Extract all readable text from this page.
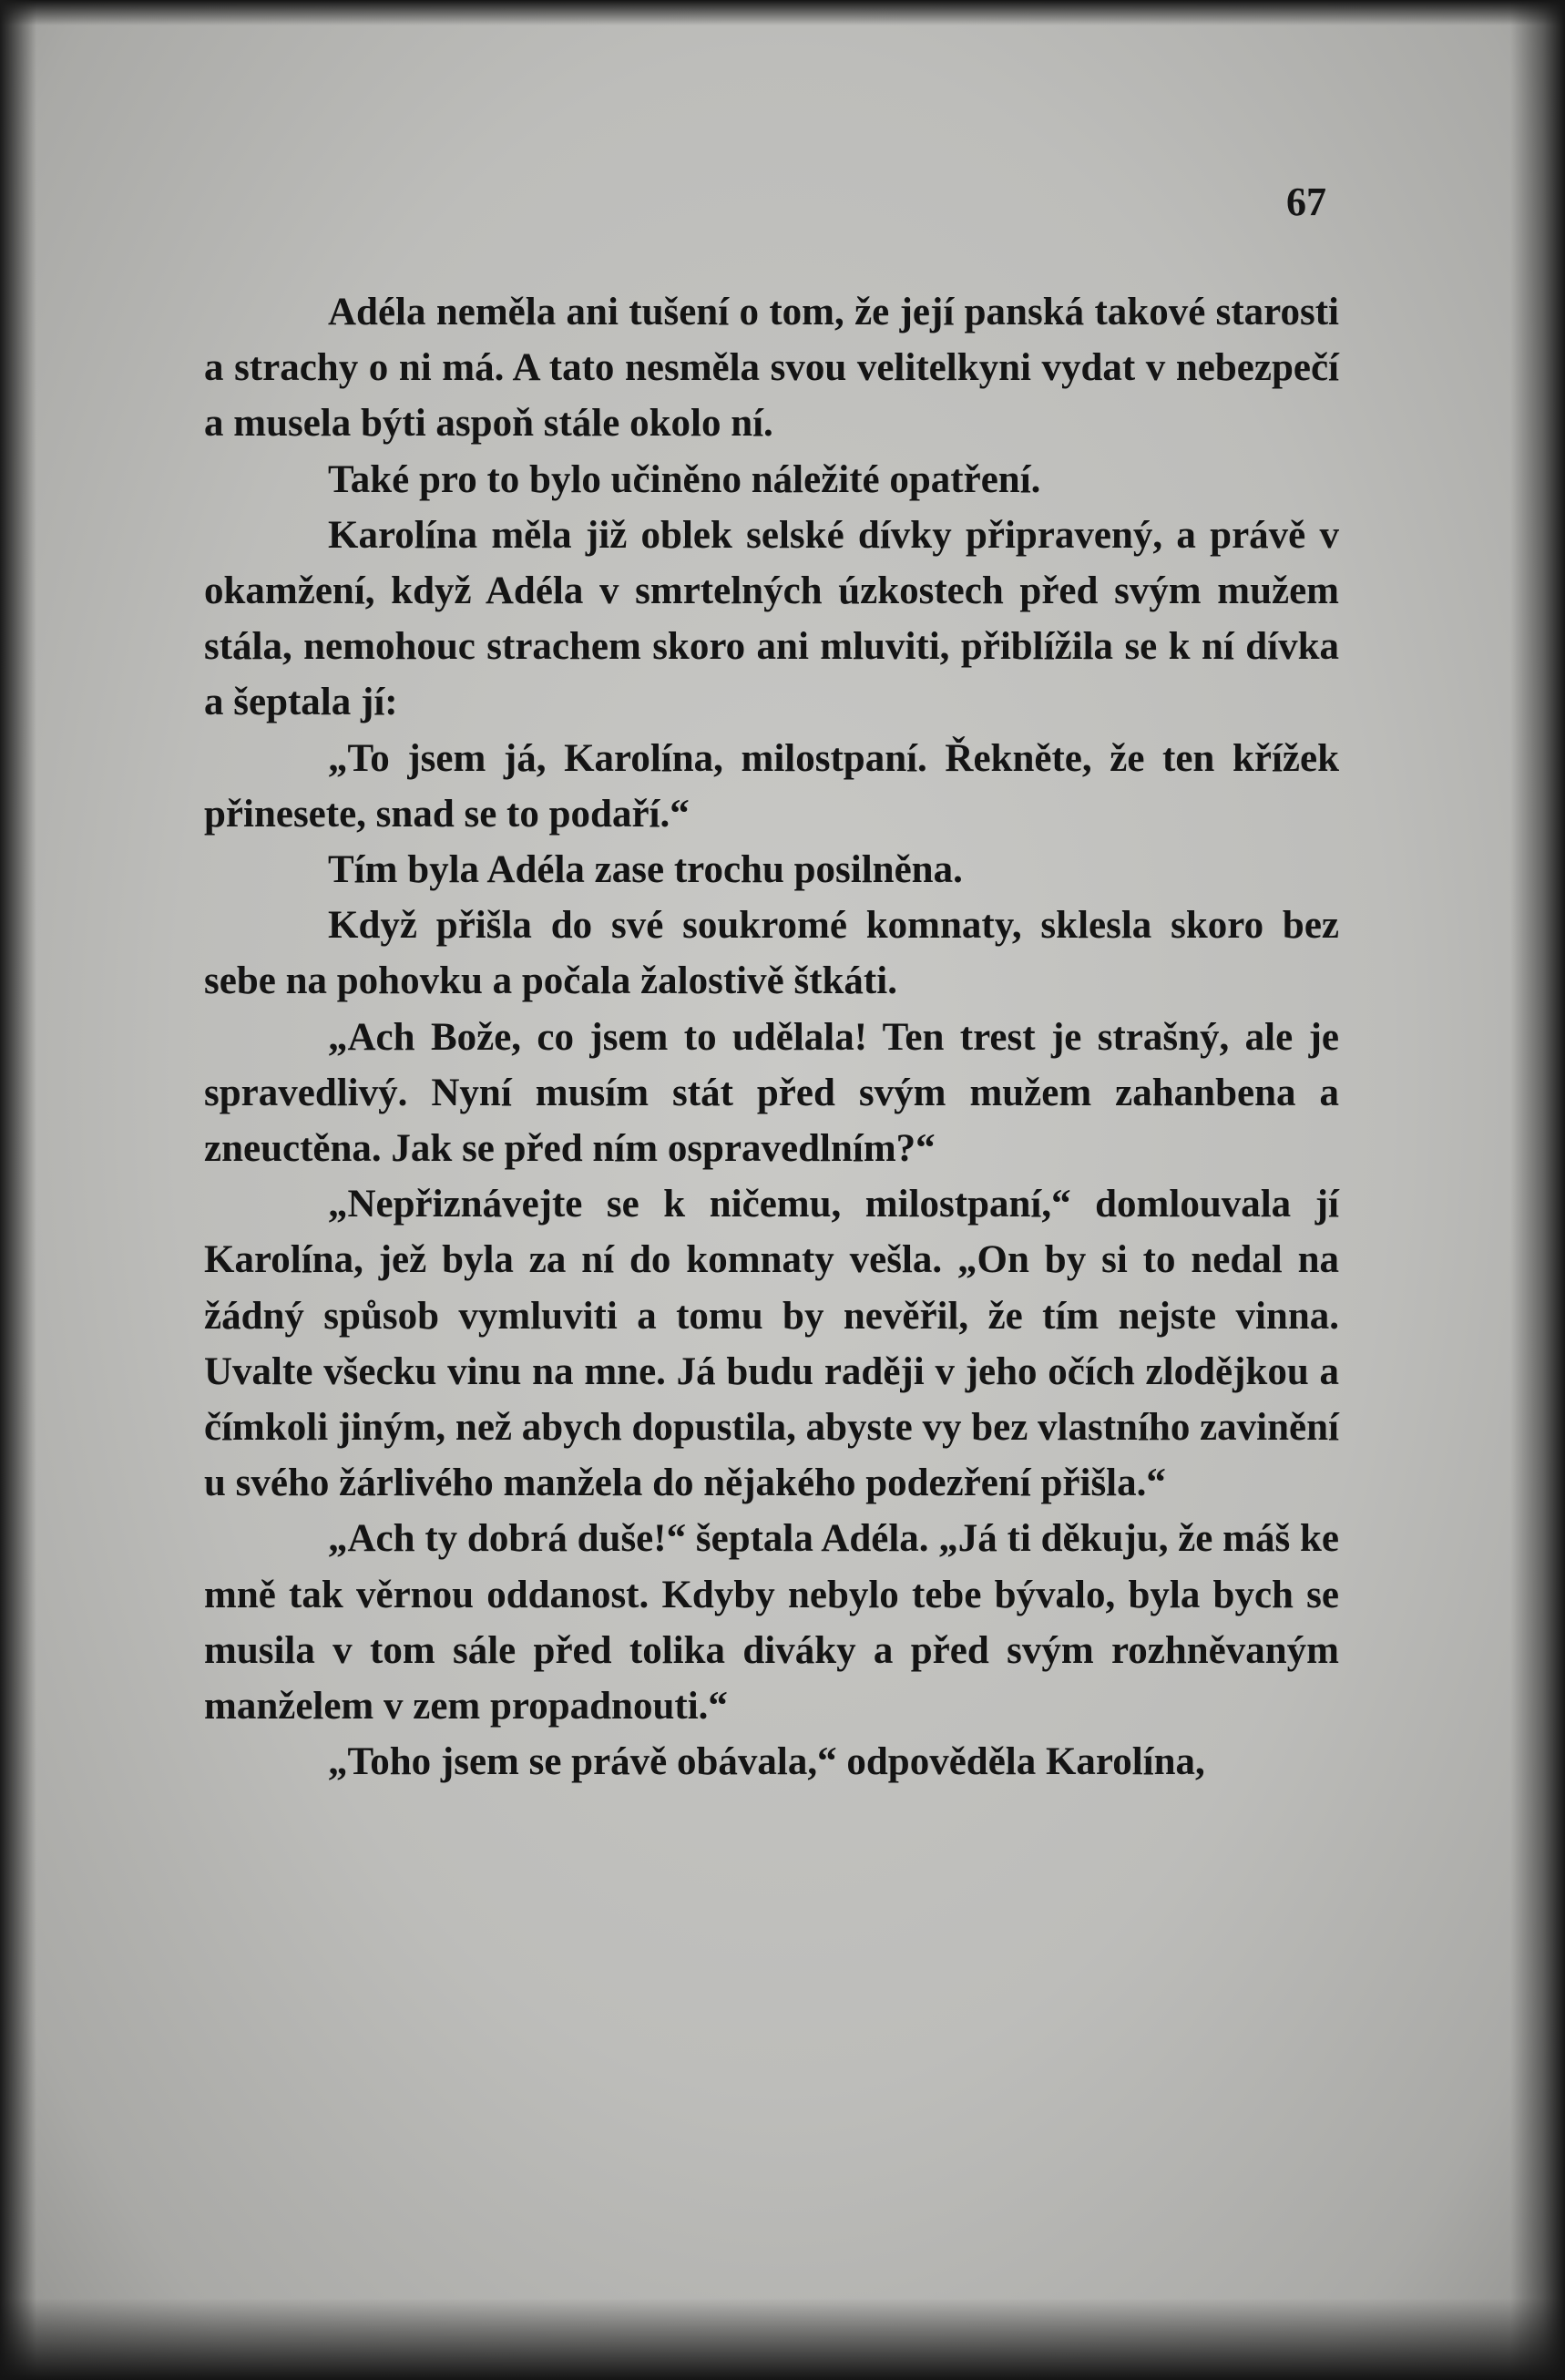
67

Adéla neměla ani tušení o tom, že její panská takové starosti a strachy o ni má. A tato nesměla svou velitelkyni vydat v nebezpečí a musela býti aspoň stále okolo ní.

Také pro to bylo učiněno náležité opatření.

Karolína měla již oblek selské dívky připravený, a právě v okamžení, když Adéla v smrtelných úzkostech před svým mužem stála, nemohouc strachem skoro ani mluviti, přiblížila se k ní dívka a šeptala jí:

„To jsem já, Karolína, milostpaní. Řekněte, že ten křížek přinesete, snad se to podaří.“

Tím byla Adéla zase trochu posilněna.

Když přišla do své soukromé komnaty, sklesla skoro bez sebe na pohovku a počala žalostivě štkáti.

„Ach Bože, co jsem to udělala! Ten trest je strašný, ale je spravedlivý. Nyní musím stát před svým mužem zahanbena a zneuctěna. Jak se před ním ospravedlním?“

„Nepřiznávejte se k ničemu, milostpaní,“ domlouvala jí Karolína, jež byla za ní do komnaty vešla. „On by si to nedal na žádný spůsob vymluviti a tomu by nevěřil, že tím nejste vinna. Uvalte všecku vinu na mne. Já budu raději v jeho očích zlodějkou a čímkoli jiným, než abych dopustila, abyste vy bez vlastního zavinění u svého žárlivého manžela do nějakého podezření přišla.“

„Ach ty dobrá duše!“ šeptala Adéla. „Já ti děkuju, že máš ke mně tak věrnou oddanost. Kdyby nebylo tebe bývalo, byla bych se musila v tom sále před tolika diváky a před svým rozhněvaným manželem v zem propadnouti.“

„Toho jsem se právě obávala,“ odpověděla Karolína,
